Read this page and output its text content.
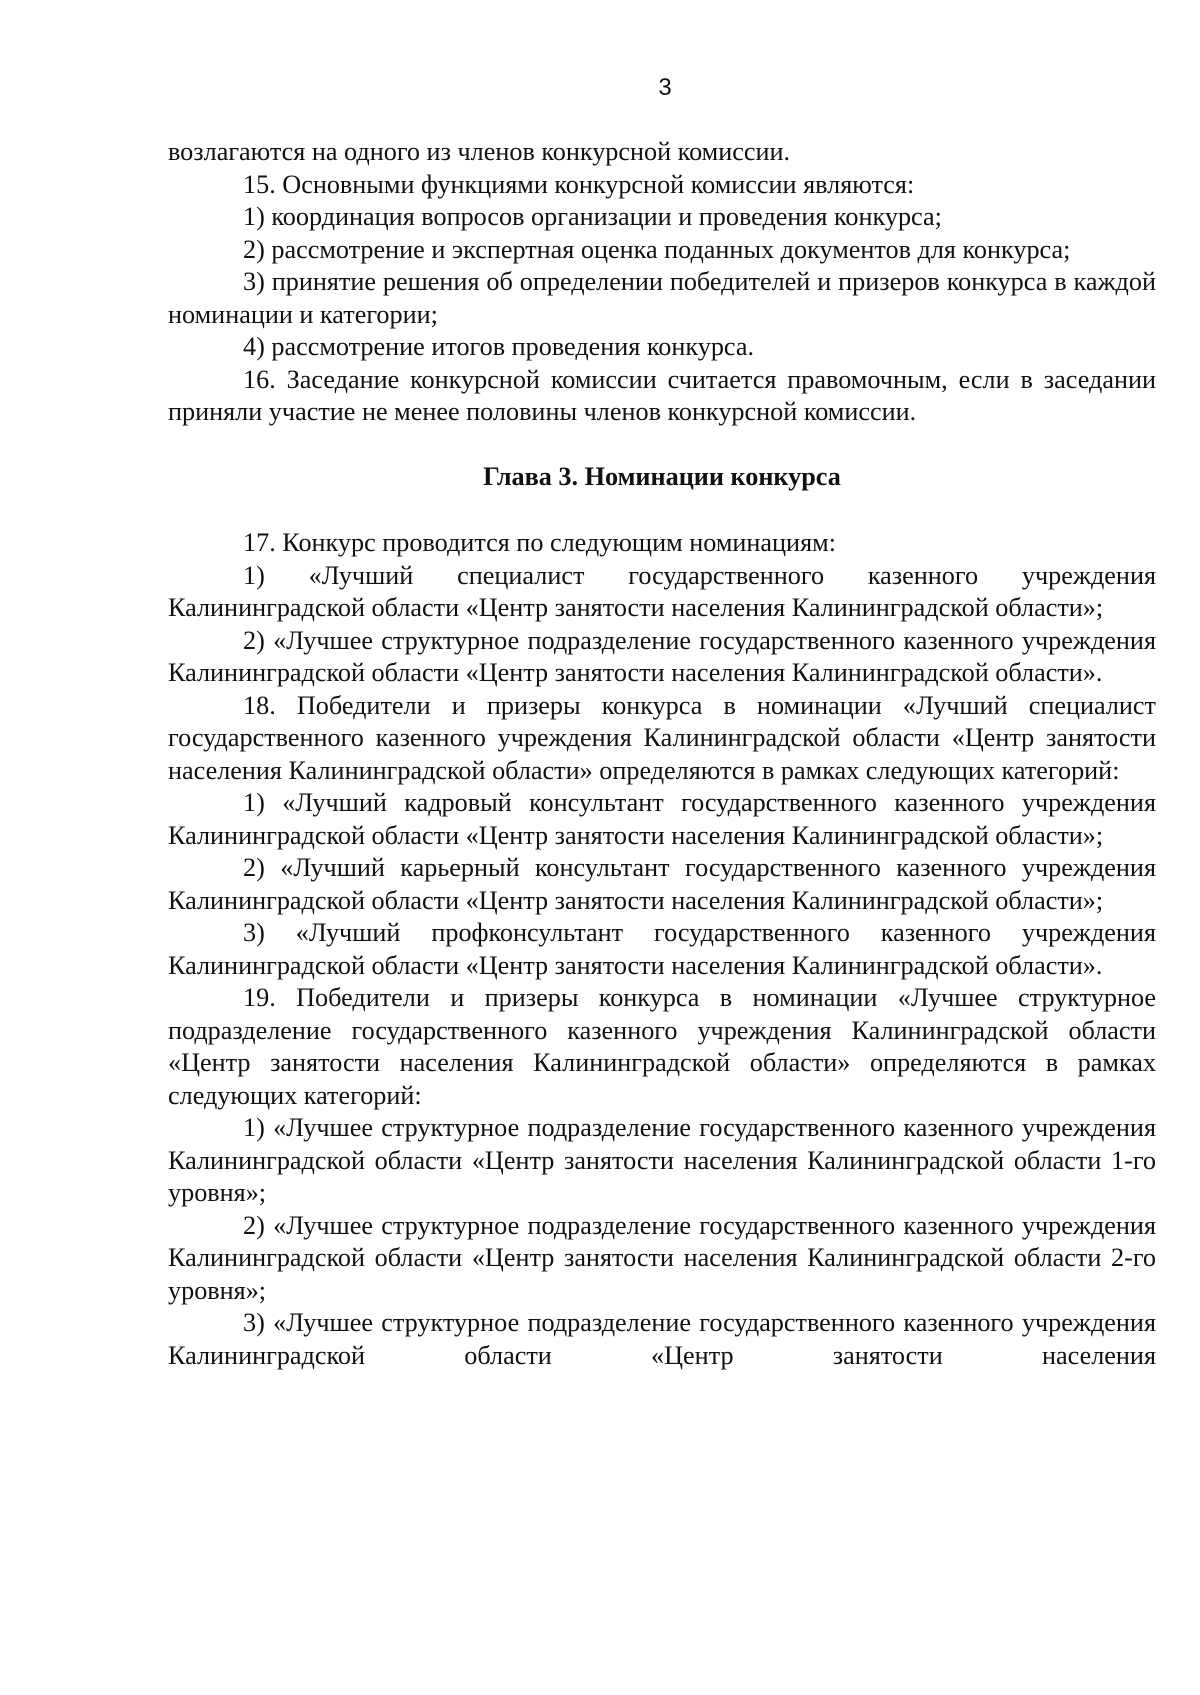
3

возлагаются на одного из членов конкурсной комиссии.

15. Основными функциями конкурсной комиссии являются:

1) координация вопросов организации и проведения конкурса;

2) рассмотрение и экспертная оценка поданных документов для конкурса;

3) принятие решения об определении победителей и призеров конкурса в каждой номинации и категории;

4) рассмотрение итогов проведения конкурса.

16. Заседание конкурсной комиссии считается правомочным, если в заседании приняли участие не менее половины членов конкурсной комиссии.

Глава 3. Номинации конкурса

17. Конкурс проводится по следующим номинациям:

1) «Лучший специалист государственного казенного учреждения Калининградской области «Центр занятости населения Калининградской области»;

2) «Лучшее структурное подразделение государственного казенного учреждения Калининградской области «Центр занятости населения Калининградской области».

18. Победители и призеры конкурса в номинации «Лучший специалист государственного казенного учреждения Калининградской области «Центр занятости населения Калининградской области» определяются в рамках следующих категорий:

1) «Лучший кадровый консультант государственного казенного учреждения Калининградской области «Центр занятости населения Калининградской области»;

2) «Лучший карьерный консультант государственного казенного учреждения Калининградской области «Центр занятости населения Калининградской области»;

3) «Лучший профконсультант государственного казенного учреждения Калининградской области «Центр занятости населения Калининградской области».

19. Победители и призеры конкурса в номинации «Лучшее структурное подразделение государственного казенного учреждения Калининградской области «Центр занятости населения Калининградской области» определяются в рамках следующих категорий:

1) «Лучшее структурное подразделение государственного казенного учреждения Калининградской области «Центр занятости населения Калининградской области 1-го уровня»;

2) «Лучшее структурное подразделение государственного казенного учреждения Калининградской области «Центр занятости населения Калининградской области 2-го уровня»;

3) «Лучшее структурное подразделение государственного казенного учреждения Калининградской области «Центр занятости населения
